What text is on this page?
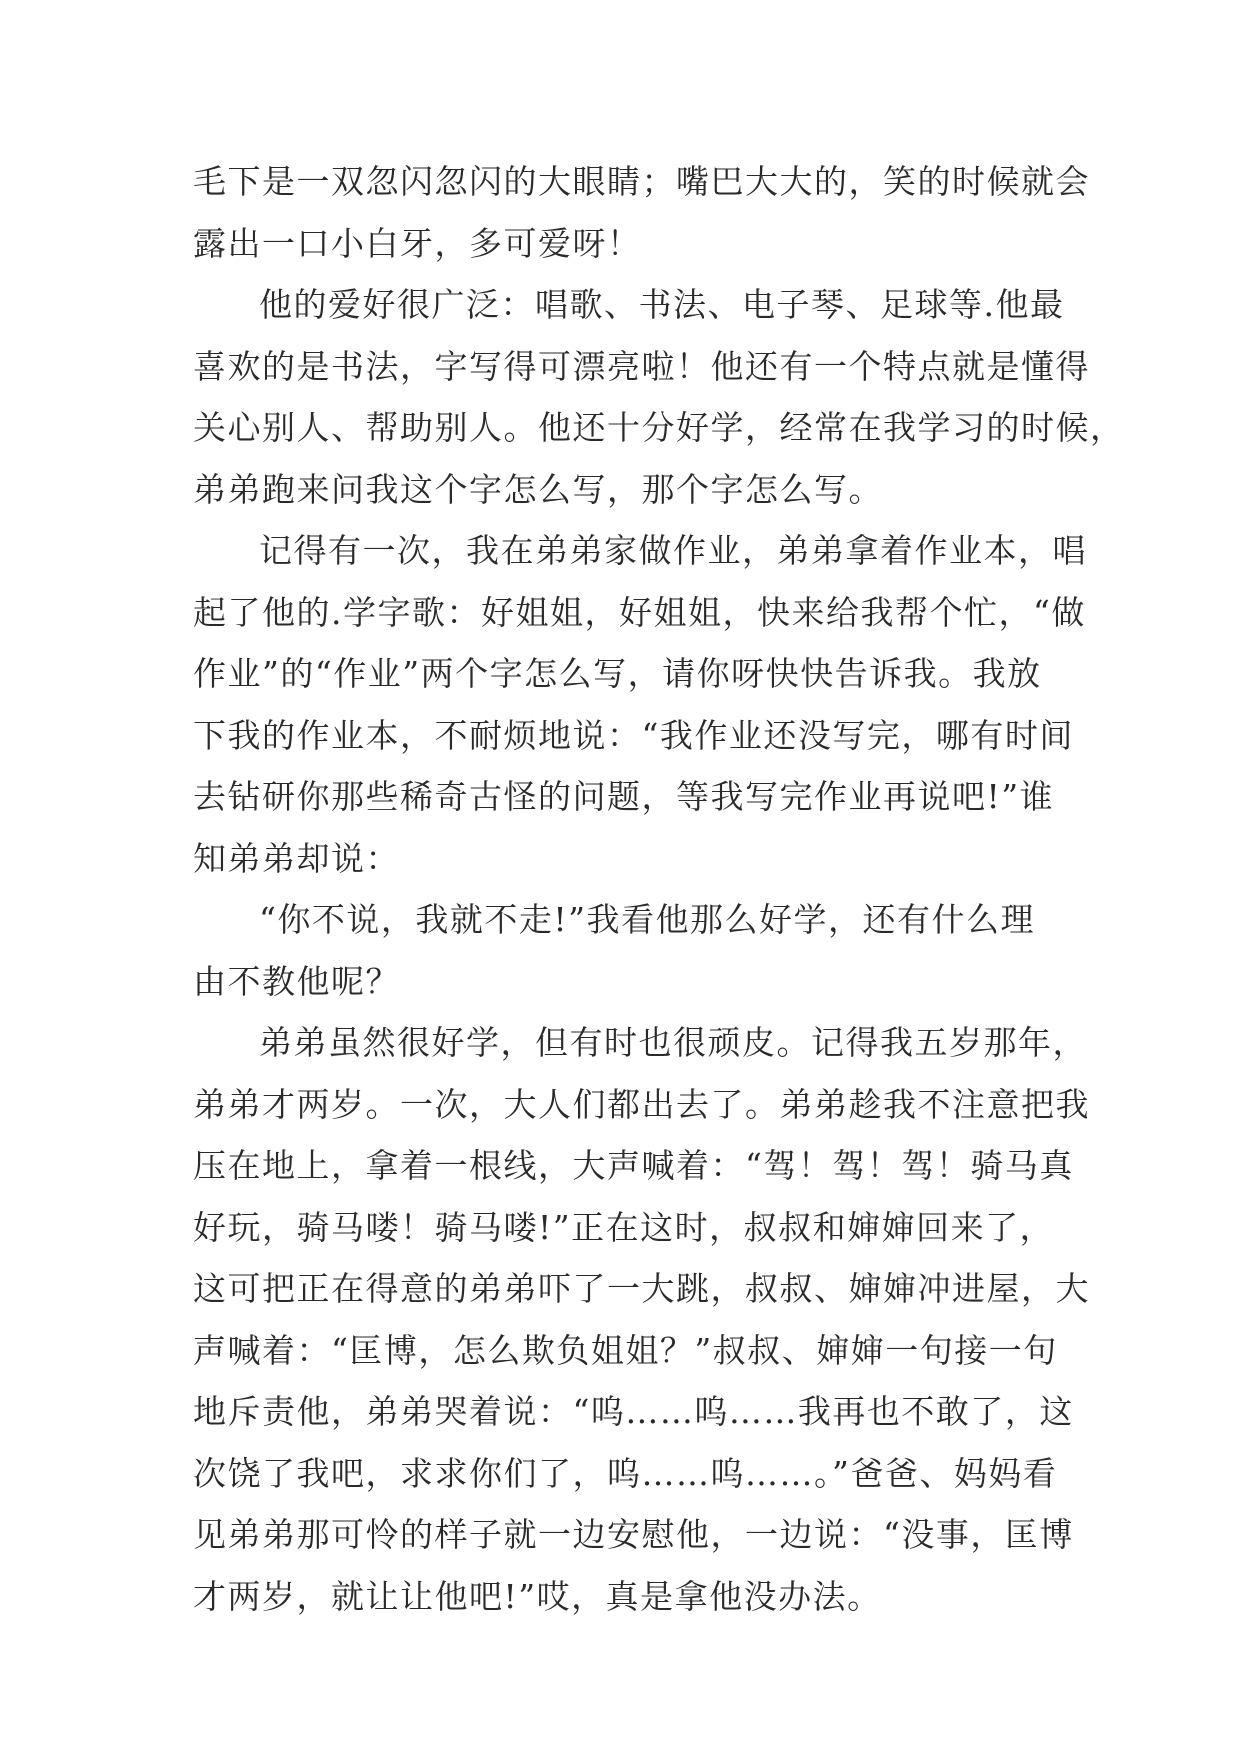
毛下是一双忽闪忽闪的大眼睛；嘴巴大大的，笑的时候就会
露出一口小白牙，多可爱呀！
他的爱好很广泛：唱歌、书法、电子琴、足球等.他最
喜欢的是书法，字写得可漂亮啦！他还有一个特点就是懂得
关心别人、帮助别人。他还十分好学，经常在我学习的时候，
弟弟跑来问我这个字怎么写，那个字怎么写。
记得有一次，我在弟弟家做作业，弟弟拿着作业本，唱
起了他的.学字歌：好姐姐，好姐姐，快来给我帮个忙，“做
作业”的“作业”两个字怎么写，请你呀快快告诉我。我放
下我的作业本，不耐烦地说：“我作业还没写完，哪有时间
去钻研你那些稀奇古怪的问题，等我写完作业再说吧!”谁
知弟弟却说：
“你不说，我就不走!”我看他那么好学，还有什么理
由不教他呢？
弟弟虽然很好学，但有时也很顽皮。记得我五岁那年，
弟弟才两岁。一次，大人们都出去了。弟弟趁我不注意把我
压在地上，拿着一根线，大声喊着：“驾！驾！驾！骑马真
好玩，骑马喽！骑马喽!”正在这时，叔叔和婶婶回来了，
这可把正在得意的弟弟吓了一大跳，叔叔、婶婶冲进屋，大
声喊着：“匡博，怎么欺负姐姐？”叔叔、婶婶一句接一句
地斥责他，弟弟哭着说：“呜……呜……我再也不敢了，这
次饶了我吧，求求你们了，呜……呜……。”爸爸、妈妈看
见弟弟那可怜的样子就一边安慰他，一边说：“没事，匡博
才两岁，就让让他吧!”哎，真是拿他没办法。
